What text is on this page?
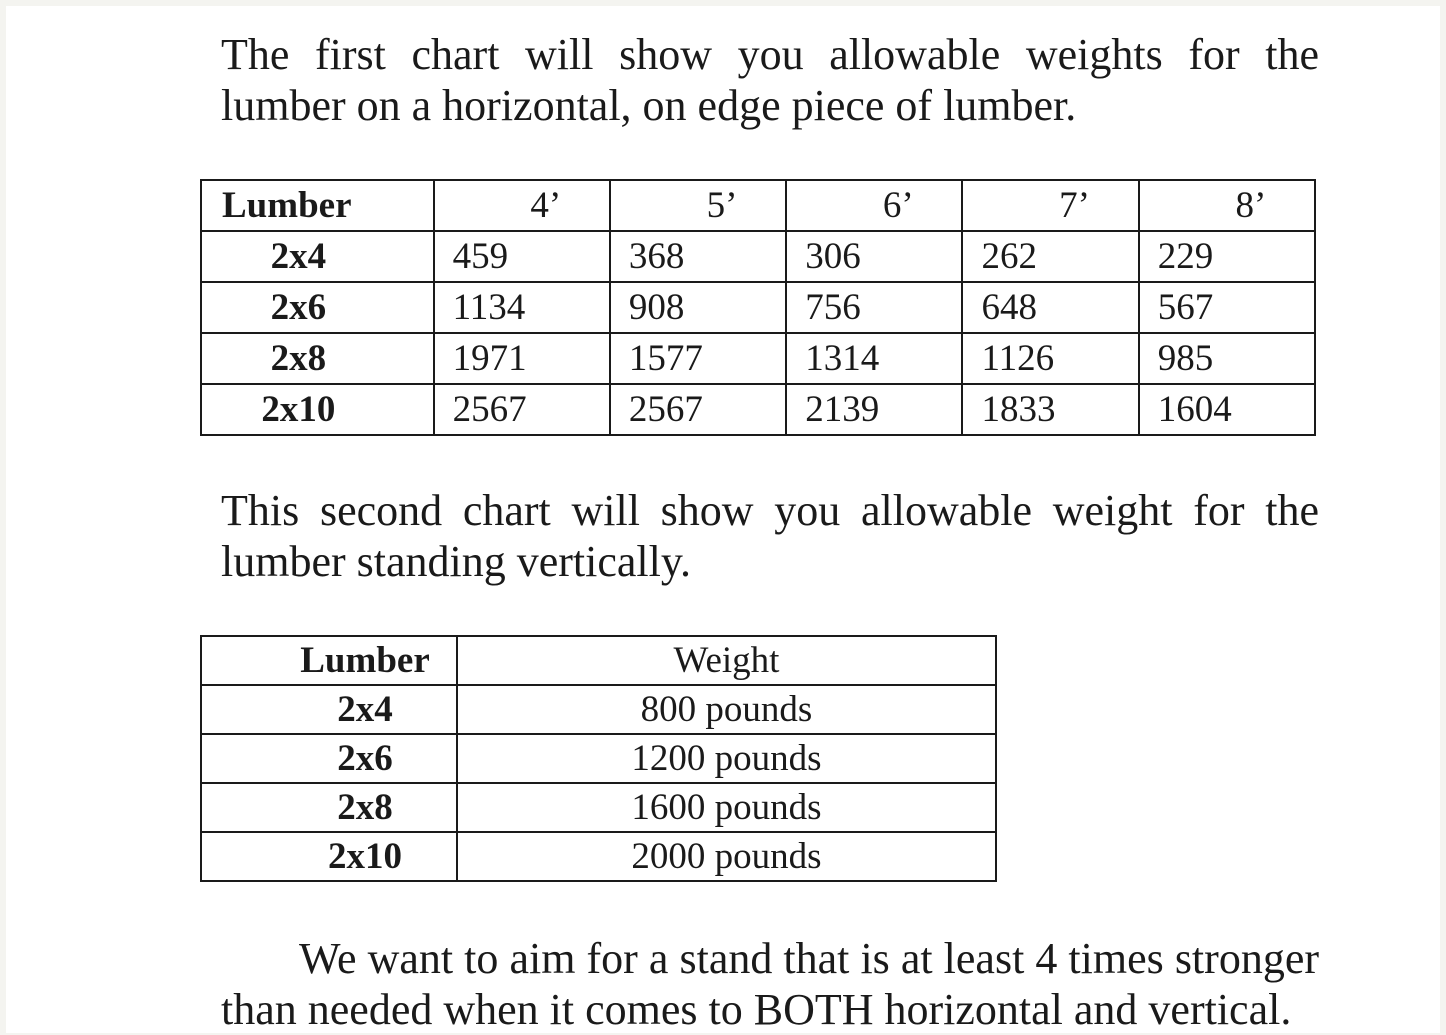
The first chart will show you allowable weights for the lumber on a horizontal, on edge piece of lumber.

Lumber	4’	5’	6’	7’	8’
2x4	459	368	306	262	229
2x6	1134	908	756	648	567
2x8	1971	1577	1314	1126	985
2x10	2567	2567	2139	1833	1604

This second chart will show you allowable weight for the lumber standing vertically.

Lumber	Weight
2x4	800 pounds
2x6	1200 pounds
2x8	1600 pounds
2x10	2000 pounds

We want to aim for a stand that is at least 4 times stronger than needed when it comes to BOTH horizontal and vertical.
